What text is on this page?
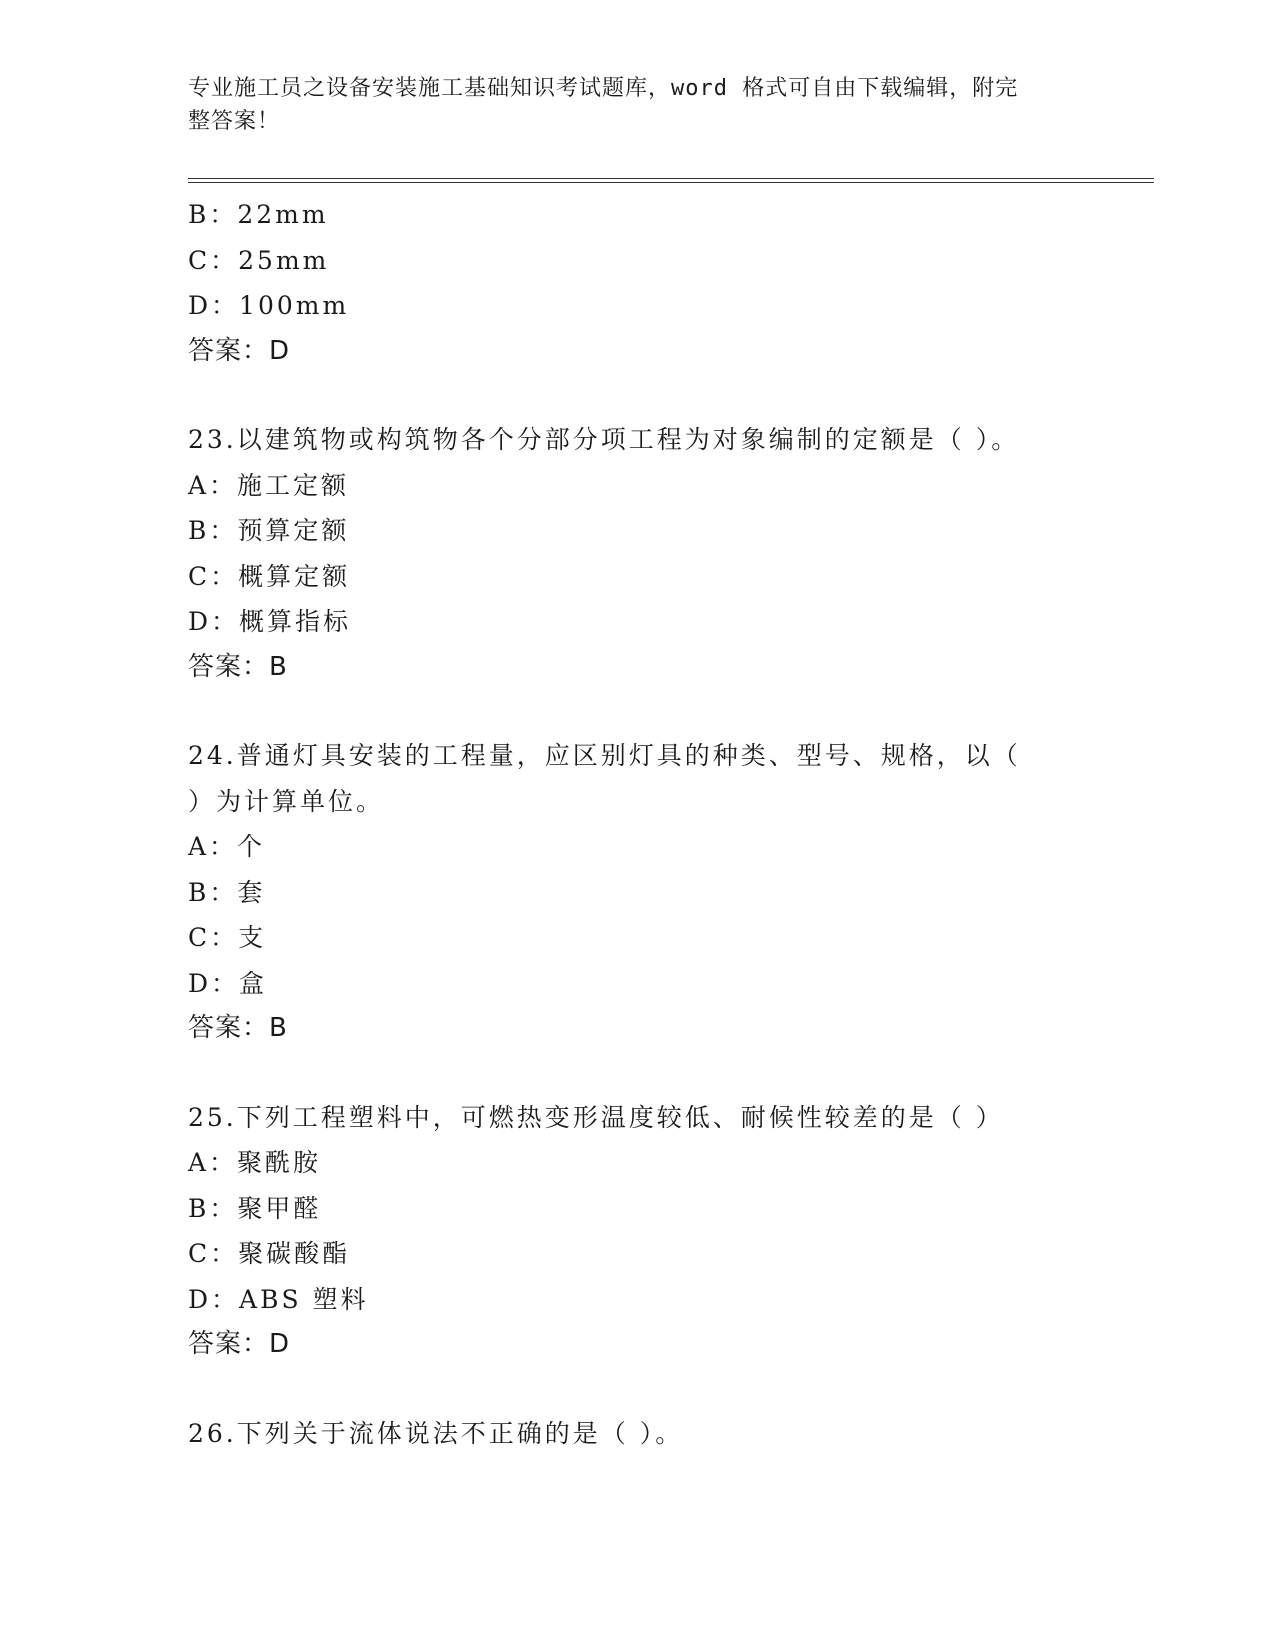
专业施工员之设备安装施工基础知识考试题库，word 格式可自由下载编辑，附完
整答案！
B：22mm
C：25mm
D：100mm
答案：D
23.以建筑物或构筑物各个分部分项工程为对象编制的定额是（ ）。
A：施工定额
B：预算定额
C：概算定额
D：概算指标
答案：B
24.普通灯具安装的工程量，应区别灯具的种类、型号、规格，以（
）为计算单位。
A：个
B：套
C：支
D：盒
答案：B
25.下列工程塑料中，可燃热变形温度较低、耐候性较差的是（ ）
A：聚酰胺
B：聚甲醛
C：聚碳酸酯
D：ABS 塑料
答案：D
26.下列关于流体说法不正确的是（ ）。
